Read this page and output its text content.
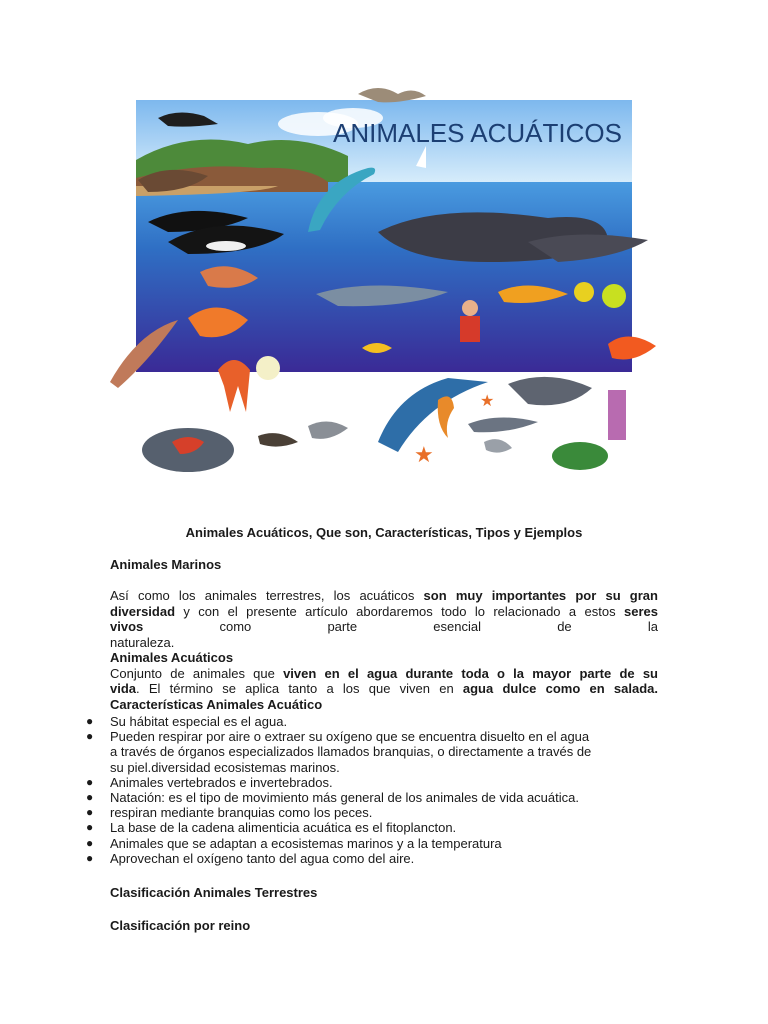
ANIMALES ACUÁTICOS
★
★
Animales Acuáticos, Que son, Características, Tipos y Ejemplos
Animales Marinos
Así como los animales terrestres, los acuáticos son muy importantes por su gran
diversidad y con el presente artículo abordaremos todo lo relacionado a estos seres
vivos como parte esencial de la naturaleza.
Animales Acuáticos
Conjunto de animales que viven en el agua durante toda o la mayor parte de su
vida. El término se aplica tanto a los que viven en agua dulce como en salada.
Características Animales Acuático
● Su hábitat especial es el agua.
● Pueden respirar por aire o extraer su oxígeno que se encuentra disuelto en el agua
a través de órganos especializados llamados branquias, o directamente a través de
su piel.diversidad ecosistemas marinos.
● Animales vertebrados e invertebrados.
● Natación: es el tipo de movimiento más general de los animales de vida acuática.
● respiran mediante branquias como los peces.
● La base de la cadena alimenticia acuática es el fitoplancton.
● Animales que se adaptan a ecosistemas marinos y a la temperatura
● Aprovechan el oxígeno tanto del agua como del aire.
Clasificación Animales Terrestres
Clasificación por reino
